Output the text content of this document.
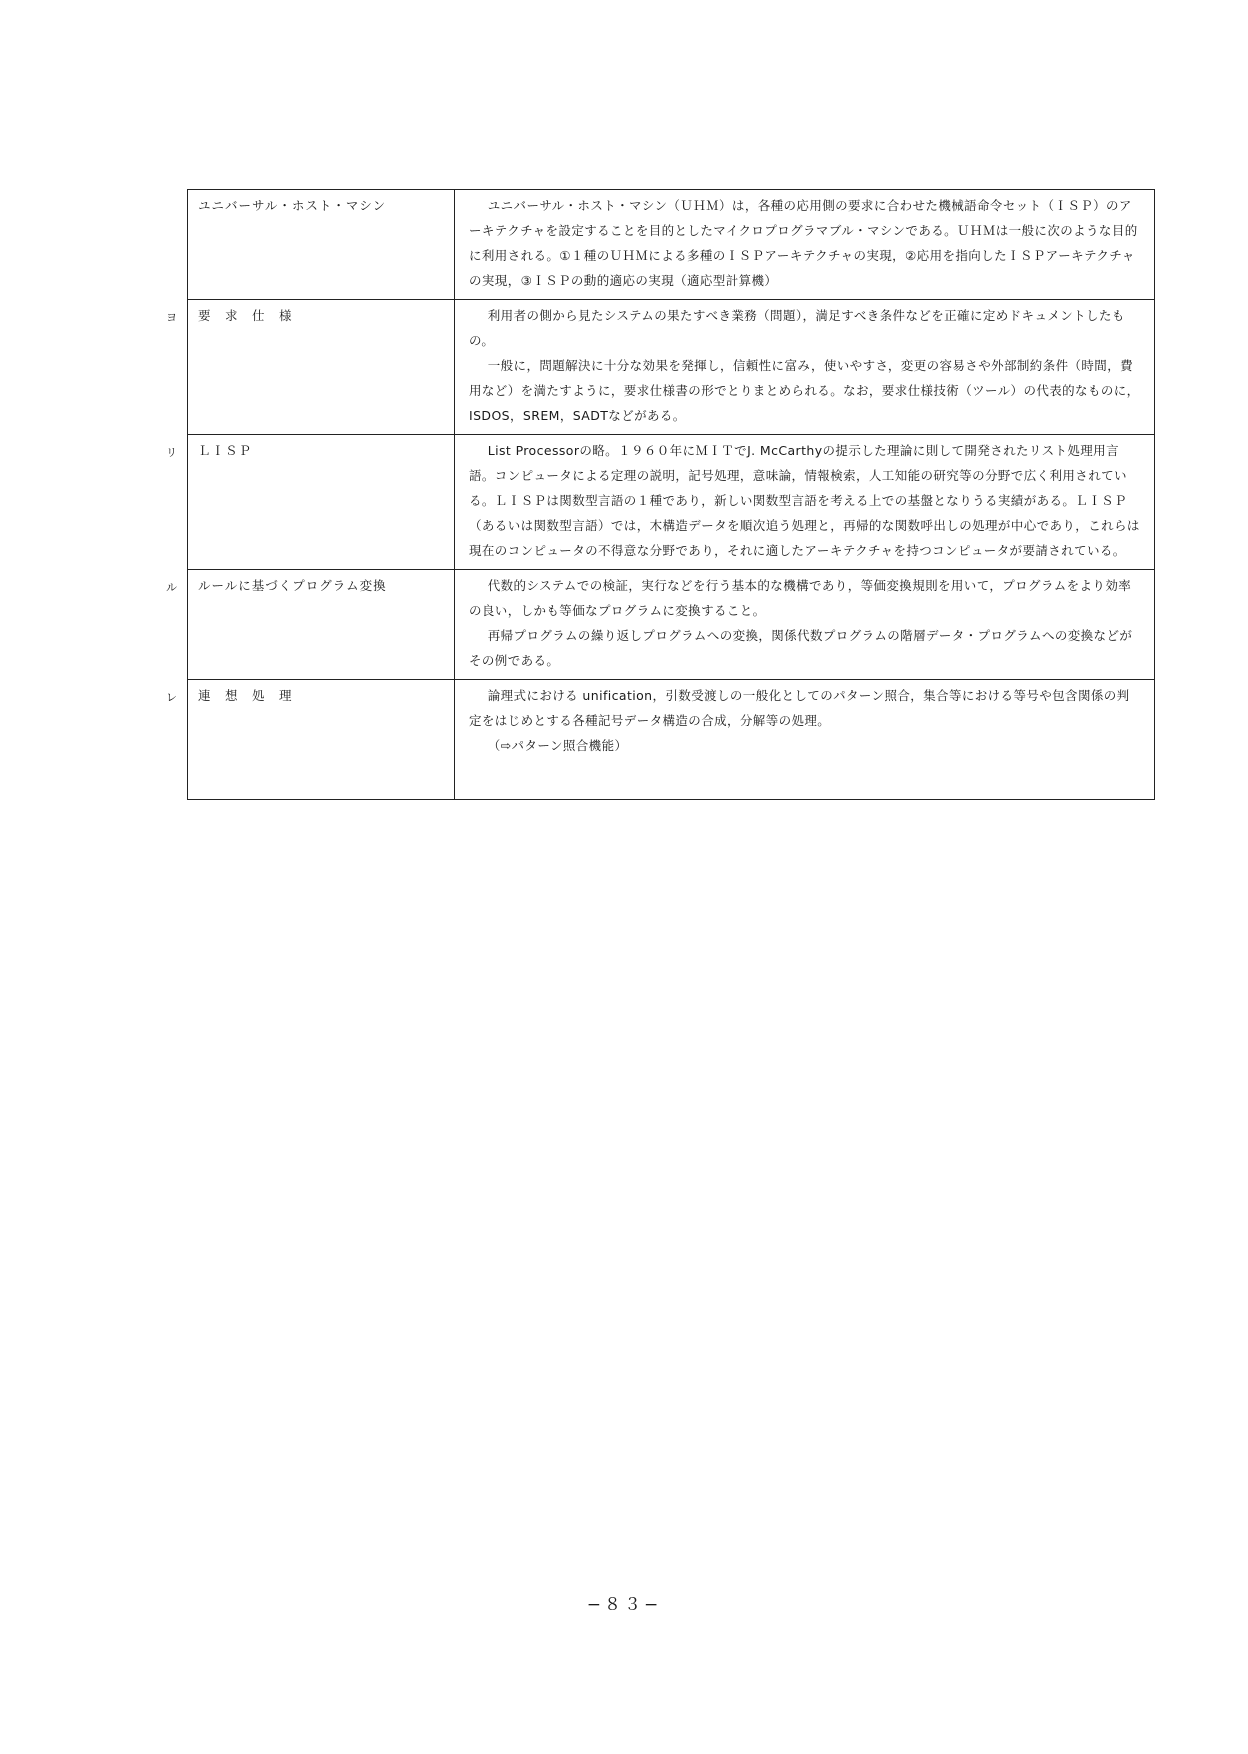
ユニバーサル・ホスト・マシン	ユニバーサル・ホスト・マシン（ＵＨＭ）は，各種の応用側の要求に合わせた機械語命令セット（ＩＳＰ）のアーキテクチャを設定することを目的としたマイクロプログラマブル・マシンである。ＵＨＭは一般に次のような目的に利用される。①１種のＵＨＭによる多種のＩＳＰアーキテクチャの実現，②応用を指向したＩＳＰアーキテクチャの実現，③ＩＳＰの動的適応の実現（適応型計算機）

要　求　仕　様	利用者の側から見たシステムの果たすべき業務（問題），満足すべき条件などを正確に定めドキュメントしたもの。

一般に，問題解決に十分な効果を発揮し，信頼性に富み，使いやすさ，変更の容易さや外部制約条件（時間，費用など）を満たすように，要求仕様書の形でとりまとめられる。なお，要求仕様技術（ツール）の代表的なものに，ISDOS，SREM，SADTなどがある。

ＬＩＳＰ	List Processorの略。１９６０年にＭＩＴでJ. McCarthyの提示した理論に則して開発されたリスト処理用言語。コンピュータによる定理の説明，記号処理，意味論，情報検索，人工知能の研究等の分野で広く利用されている。ＬＩＳＰは関数型言語の１種であり，新しい関数型言語を考える上での基盤となりうる実績がある。ＬＩＳＰ（あるいは関数型言語）では，木構造データを順次追う処理と，再帰的な関数呼出しの処理が中心であり，これらは現在のコンピュータの不得意な分野であり，それに適したアーキテクチャを持つコンピュータが要請されている。

ルールに基づくプログラム変換	代数的システムでの検証，実行などを行う基本的な機構であり，等価変換規則を用いて，プログラムをより効率の良い，しかも等価なプログラムに変換すること。

再帰プログラムの繰り返しプログラムへの変換，関係代数プログラムの階層データ・プログラムへの変換などがその例である。

連　想　処　理	論理式における unification，引数受渡しの一般化としてのパターン照合，集合等における等号や包含関係の判定をはじめとする各種記号データ構造の合成，分解等の処理。

（⇨パターン照合機能）

ヨ
リ
ル
レ
−８３−
